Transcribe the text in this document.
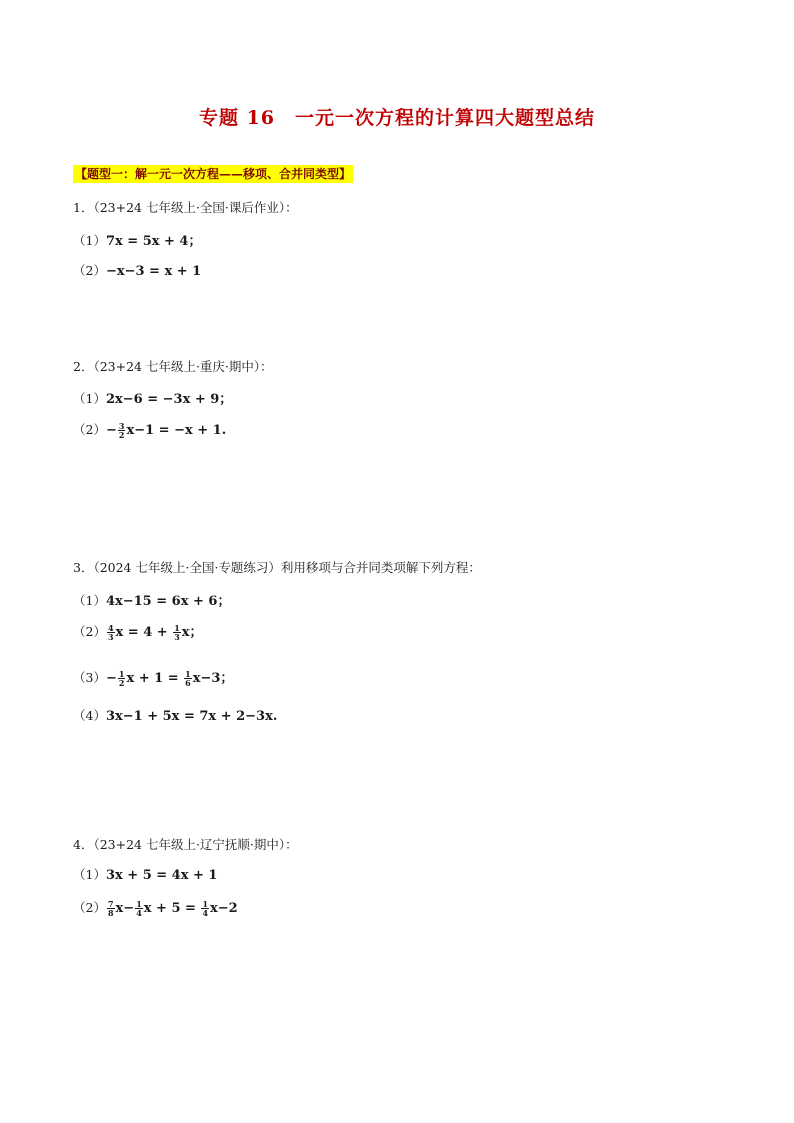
专题 16 一元一次方程的计算四大题型总结
【题型一：解一元一次方程——移项、合并同类型】
1．（23+24 七年级上·全国·课后作业）：
（1）7x = 5x + 4；
（2）−x−3 = x + 1
2．（23+24 七年级上·重庆·期中）：
（1）2x−6 = −3x + 9；
$(2)- \frac{3}{2} x-1 = -x + 1$.
3．（2024 七年级上·全国·专题练习）利用移项与合并同类项解下列方程：
（1）4x−15 = 6x + 6；
$(2) \frac{4}{3}$ $x = 4 + \frac{1}{3}$ x；
$(3)- \frac{1}{2}$ $x + 1 = \frac{1}{6} x-3$；
（4）3x−1 + 5x = 7x + 2−3x.
4．（23+24 七年级上·辽宁抚顺·期中）：
（1）3x + 5 = 4x + 1
$(2) \frac{7}{8} x- \frac{1}{4}$ $x + 5 = \frac{1}{4} x-2$
